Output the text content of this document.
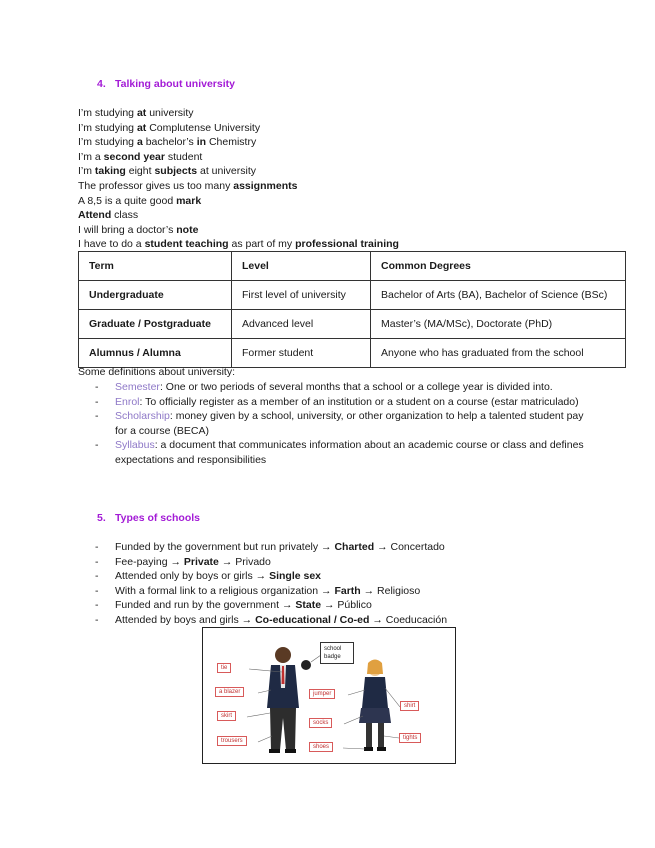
4. Talking about university
I’m studying at university
I’m studying at Complutense University
I’m studying a bachelor’s in Chemistry
I’m a second year student
I’m taking eight subjects at university
The professor gives us too many assignments
A 8,5 is a quite good mark
Attend class
I will bring a doctor’s note
I have to do a student teaching as part of my professional training
Term	Level	Common Degrees
Undergraduate	First level of university	Bachelor of Arts (BA), Bachelor of Science (BSc)
Graduate / Postgraduate	Advanced level	Master’s (MA/MSc), Doctorate (PhD)
Alumnus / Alumna	Former student	Anyone who has graduated from the school
Some definitions about university:
- Semester: One or two periods of several months that a school or a college year is divided into.
- Enrol: To officially register as a member of an institution or a student on a course (estar matriculado)
- Scholarship: money given by a school, university, or other organization to help a talented student pay for a course (BECA)
- Syllabus: a document that communicates information about an academic course or class and defines expectations and responsibilities
5. Types of schools
- Funded by the government but run privately → Charted → Concertado
- Fee-paying → Private → Privado
- Attended only by boys or girls → Single sex
- With a formal link to a religious organization → Farth → Religioso
- Funded and run by the government → State → Público
- Attended by boys and girls → Co-educational / Co-ed → Coeducación
school badge
tie
a blazer
skirt
trousers
jumper
socks
shoes
shirt
tights
